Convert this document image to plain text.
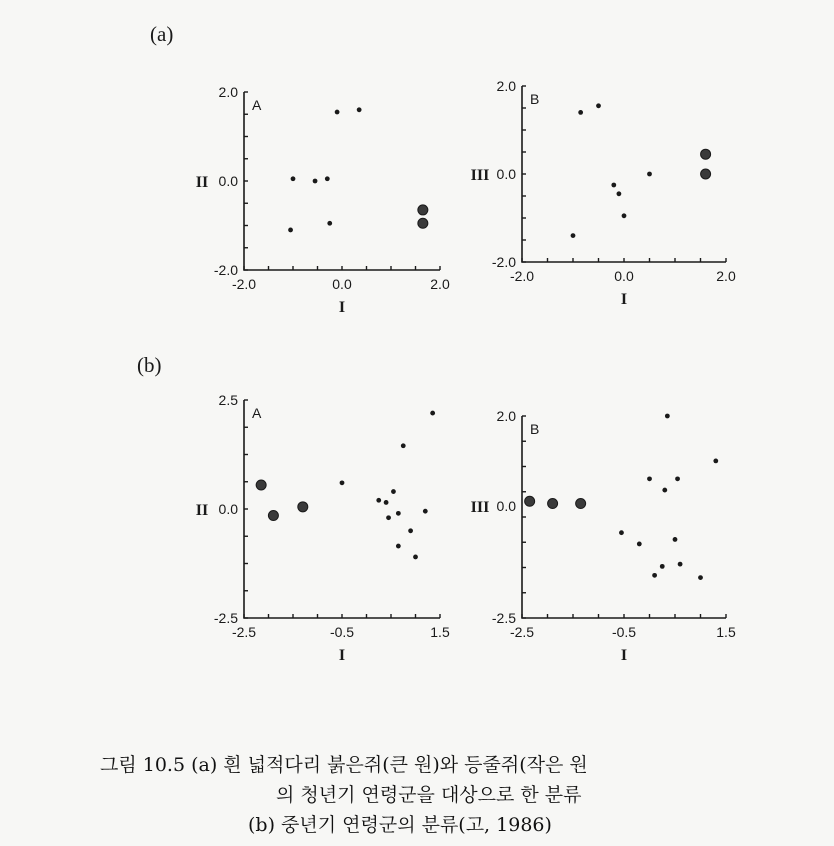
(a)
(b)
2.0
0.0
-2.0
-2.0	0.0	2.0
I
II
A
2.0
0.0
-2.0
-2.0	0.0	2.0
I
III
B
2.5
0.0
-2.5
-2.5	-0.5	1.5
I
II
A	2.0
0.0
-2.5
-2.5	-0.5	1.5
I
III
B
그림 10.5 (a) 흰 넓적다리 붉은쥐(큰 원)와 등줄쥐(작은 원
의 청년기 연령군을 대상으로 한 분류
(b) 중년기 연령군의 분류(고, 1986)
